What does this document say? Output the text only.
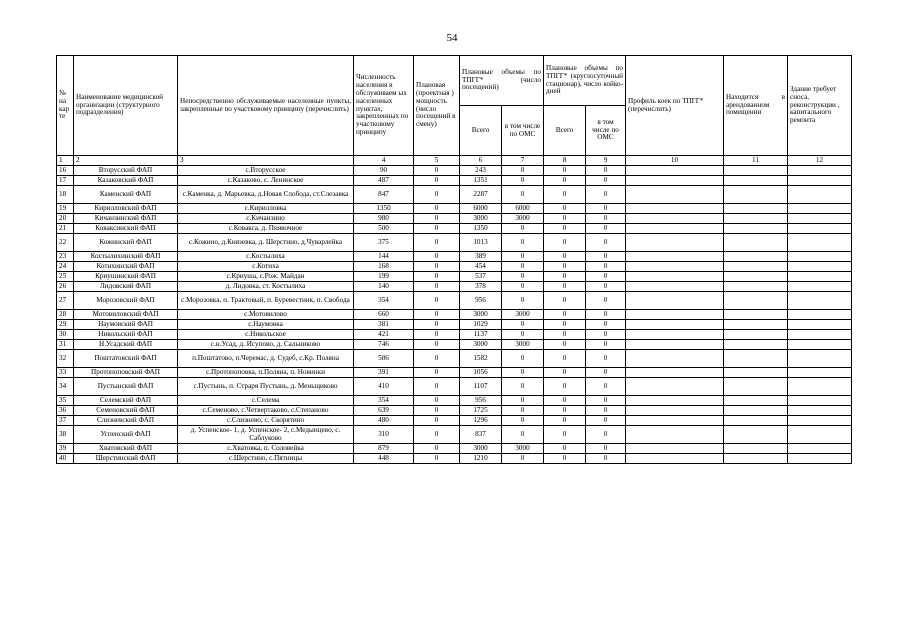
54
№ на кар те	Наименование медицинской организации (структурного подразделения)	Непосредственно обслуживаемые населенные пункты, закрепленные по участковому принципу (перечислить)	Численность населения в обслуживаем ых населенных пунктах, закрепленных по участковому принципу	Плановая (проектная ) мощность (число посещений в смену)	Плановые объемы по ТПГГ* (число посещений)		Плановые объемы по ТПГГ* (круглосуточный стационар), число койко-дней		Профиль коек по ТПГГ* (перечислить)	Находится в арендованном помещении	Здание требует сноса, реконструкции , капитального ремонта
					Всего	в том числе по ОМС	Всего	в том числе по ОМС			
1	2	3	4	5	6	7	8	9	10	11	12
16	Вторусский ФАП	с.Вторусское	90	0	243	0	0	0			
17	Казаковский ФАП	с.Казаково, с. Ленинское	487	0	1351	0	0	0			
18	Каменский ФАП	с.Каменка, д. Марьевка, д.Новая Слобода, ст.Слезавка	847	0	2287	0	0	0			
19	Кирилловский ФАП	с.Кирилловка	1350	0	6000	6000	0	0			
20	Кичанзинский ФАП	с.Кичанзино	980	0	3000	3000	0	0			
21	Коваксинский ФАП	с.Коваксa, д. Пиявочное	500	0	1350	0	0	0			
22	Кожинский ФАП	с.Кожино, д.Князевка, д. Шерстино, д.Чуварлейка	375	0	1013	0	0	0			
23	Костылихинский ФАП	с.Костылиха	144	0	389	0	0	0			
24	Котихинский ФАП	с.Котиха	168	0	454	0	0	0			
25	Криушинский ФАП	с.Криуша, с.Рож. Майдан	199	0	537	0	0	0			
26	Лидовский ФАП	д. Лидовка, ст. Костылиха	140	0	378	0	0	0			
27	Морозовский ФАП	с.Морозовка, п. Трактовый, п. Буревестник, п. Свобода	354	0	956	0	0	0			
28	Мотовиловский ФАП	с.Мотовилово	660	0	3000	3000	0	0			
29	Наумовский ФАП	с.Наумовка	381	0	1029	0	0	0			
30	Никольский ФАП	с.Никольское	421	0	1137	0	0	0			
31	Н.Усадский ФАП	с.н.Усад, д. Исупово, д. Сальниково	746	0	3000	3000	0	0			
32	Поштатовский ФАП	п.Поштатово, п.Черемас, д. Судеб, с.Кр. Поляна	586	0	1582	0	0	0			
33	Протопоповский ФАП	с.Протопоповка, п.Поляна, п. Новинки	391	0	1056	0	0	0			
34	Пустынский ФАП	с.Пустынь, п. Страря Пустынь, д. Меньщиково	410	0	1107	0	0	0			
35	Селемский ФАП	с.Селема	354	0	956	0	0	0			
36	Семеновский ФАП	с.Семеново, с.Четвертаково, с.Степаново	639	0	1725	0	0	0			
37	Слизневский ФАП	с.Слизнево, с. Скорятино	480	0	1296	0	0	0			
38	Успенский ФАП	д. Успенское- 1, д. Успенское- 2, с.Медынцево, с. Саблуково	310	0	837	0	0	0			
39	Хватовский ФАП	с.Хватовка, п. Соловейка	879	0	3000	3000	0	0			
40	Шерстинский ФАП	с.Шерстино, с.Пятницы	448	0	1210	0	0	0			
